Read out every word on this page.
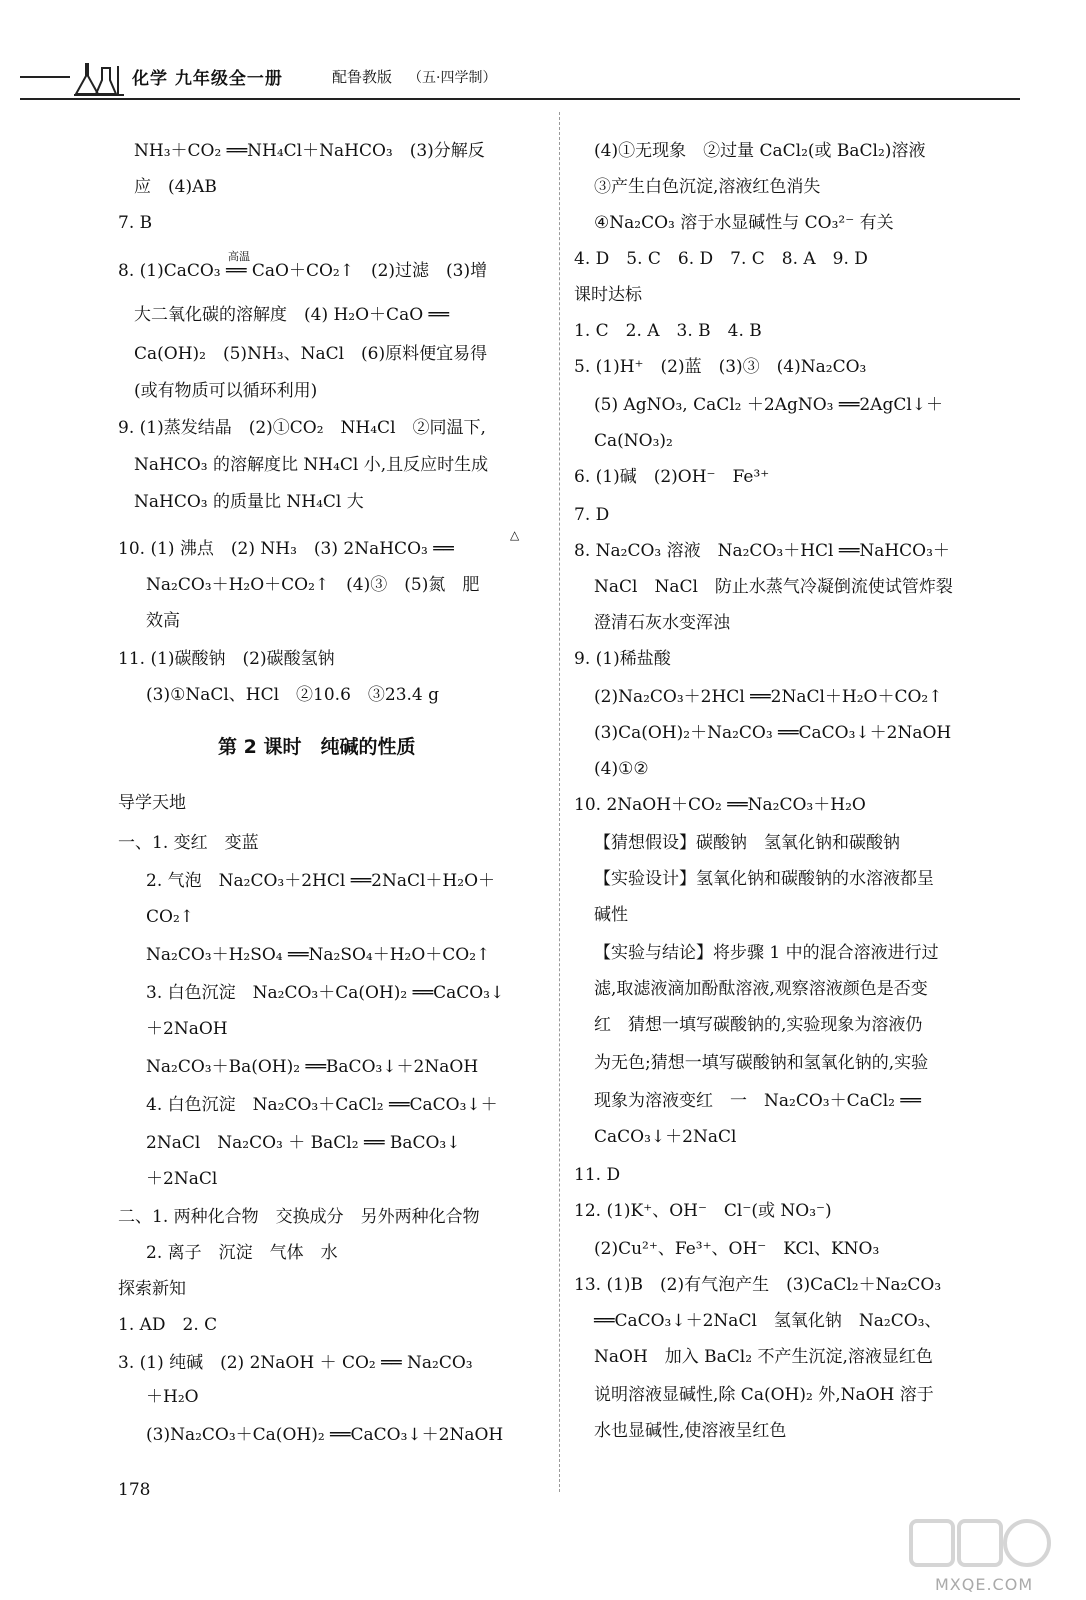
化学 九年级全一册	配鲁教版 （五·四学制）
NH₃＋CO₂ ══NH₄Cl＋NaHCO₃　(3)分解反
应　(4)AB
7. B
高温
8. (1)CaCO₃ ══ CaO＋CO₂↑　(2)过滤　(3)增
大二氧化碳的溶解度　(4) H₂O＋CaO ══
Ca(OH)₂　(5)NH₃、NaCl　(6)原料便宜易得
(或有物质可以循环利用)
9. (1)蒸发结晶　(2)①CO₂　NH₄Cl　②同温下,
NaHCO₃ 的溶解度比 NH₄Cl 小,且反应时生成
NaHCO₃ 的质量比 NH₄Cl 大
△
10. (1) 沸点　(2) NH₃　(3) 2NaHCO₃ ══
Na₂CO₃＋H₂O＋CO₂↑　(4)③　(5)氮　肥
效高
11. (1)碳酸钠　(2)碳酸氢钠
(3)①NaCl、HCl　②10.6　③23.4 g
第 2 课时　纯碱的性质
导学天地
一、1. 变红　变蓝
2. 气泡　Na₂CO₃＋2HCl ══2NaCl＋H₂O＋
CO₂↑
Na₂CO₃＋H₂SO₄ ══Na₂SO₄＋H₂O＋CO₂↑
3. 白色沉淀　Na₂CO₃＋Ca(OH)₂ ══CaCO₃↓
＋2NaOH
Na₂CO₃＋Ba(OH)₂ ══BaCO₃↓＋2NaOH
4. 白色沉淀　Na₂CO₃＋CaCl₂ ══CaCO₃↓＋
2NaCl　Na₂CO₃ ＋ BaCl₂ ══ BaCO₃↓
＋2NaCl
二、1. 两种化合物　交换成分　另外两种化合物
2. 离子　沉淀　气体　水
探索新知
1. AD　2. C
3. (1) 纯碱　(2) 2NaOH ＋ CO₂ ══ Na₂CO₃
＋H₂O
(3)Na₂CO₃＋Ca(OH)₂ ══CaCO₃↓＋2NaOH
(4)①无现象　②过量 CaCl₂(或 BaCl₂)溶液
③产生白色沉淀,溶液红色消失
④Na₂CO₃ 溶于水显碱性与 CO₃²⁻ 有关
4. D　5. C　6. D　7. C　8. A　9. D
课时达标
1. C　2. A　3. B　4. B
5. (1)H⁺　(2)蓝　(3)③　(4)Na₂CO₃
(5) AgNO₃, CaCl₂ ＋2AgNO₃ ══2AgCl↓＋
Ca(NO₃)₂
6. (1)碱　(2)OH⁻　Fe³⁺
7. D
8. Na₂CO₃ 溶液　Na₂CO₃＋HCl ══NaHCO₃＋
NaCl　NaCl　防止水蒸气冷凝倒流使试管炸裂
澄清石灰水变浑浊
9. (1)稀盐酸
(2)Na₂CO₃＋2HCl ══2NaCl＋H₂O＋CO₂↑
(3)Ca(OH)₂＋Na₂CO₃ ══CaCO₃↓＋2NaOH
(4)①②
10. 2NaOH＋CO₂ ══Na₂CO₃＋H₂O
【猜想假设】碳酸钠　氢氧化钠和碳酸钠
【实验设计】氢氧化钠和碳酸钠的水溶液都呈
碱性
【实验与结论】将步骤 1 中的混合溶液进行过
滤,取滤液滴加酚酞溶液,观察溶液颜色是否变
红　猜想一填写碳酸钠的,实验现象为溶液仍
为无色;猜想一填写碳酸钠和氢氧化钠的,实验
现象为溶液变红　一　Na₂CO₃＋CaCl₂ ══
CaCO₃↓＋2NaCl
11. D
12. (1)K⁺、OH⁻　Cl⁻(或 NO₃⁻)
(2)Cu²⁺、Fe³⁺、OH⁻　KCl、KNO₃
13. (1)B　(2)有气泡产生　(3)CaCl₂＋Na₂CO₃
══CaCO₃↓＋2NaCl　氢氧化钠　Na₂CO₃、
NaOH　加入 BaCl₂ 不产生沉淀,溶液显红色
说明溶液显碱性,除 Ca(OH)₂ 外,NaOH 溶于
水也显碱性,使溶液呈红色
178
MXQE.COM
